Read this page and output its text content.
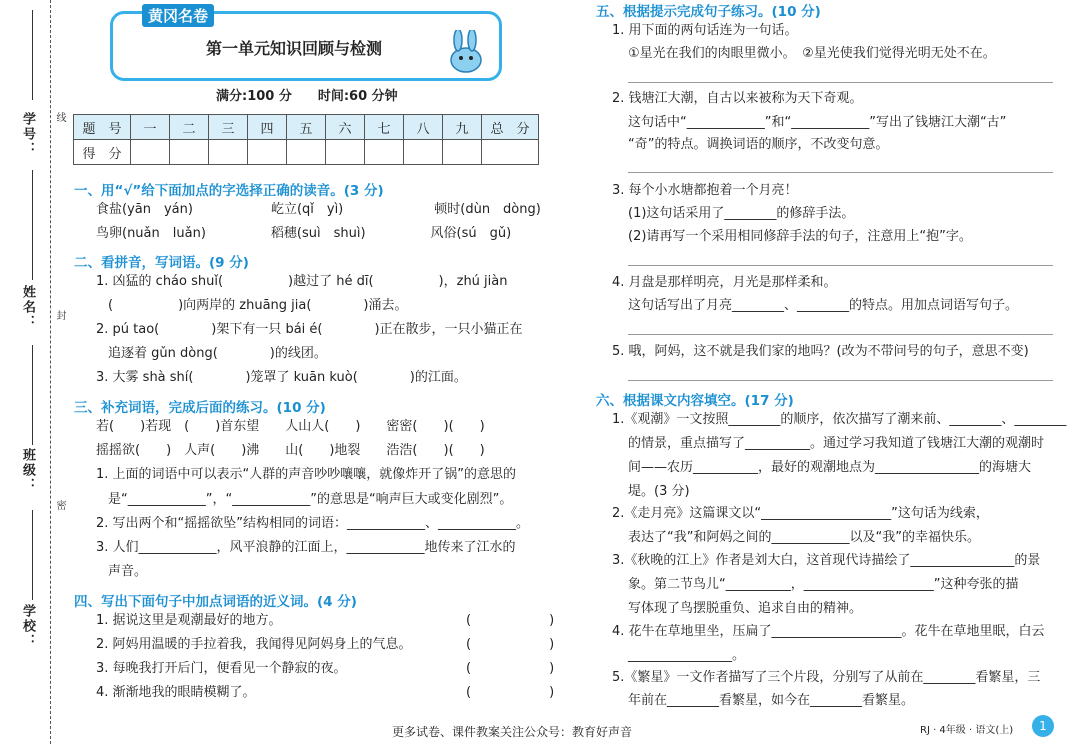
学号：
姓名：
班级：
学校：
线
封
密
黄冈名卷
第一单元知识回顾与检测
满分:100 分　　时间:60 分钟
题　号	一	二	三	四	五	六	七	八	九	总　分
得　分										
一、用“√”给下面加点的字选择正确的读音。(3 分)
食盐(yān　yán)　　　　　　屹立(qǐ　yì)　　　　　　　顿时(dùn　dòng)
鸟卵(nuǎn　luǎn)　　　　　稻穗(suì　shuì)　　　　　风俗(sú　gǔ)
二、看拼音，写词语。(9 分)
1. 凶猛的 cháo shuǐ(　　　　　)越过了 hé dī(　　　　　)，zhú jiàn
(　　　　　)向两岸的 zhuāng jia(　　　　)涌去。
2. pú tao(　　　　)架下有一只 bái é(　　　　)正在散步，一只小猫正在
追逐着 gǔn dòng(　　　　)的线团。
3. 大雾 shà shí(　　　　)笼罩了 kuān kuò(　　　　)的江面。
三、补充词语，完成后面的练习。(10 分)
若(　　)若现　(　　)首东望　　人山人(　　)　　密密(　　)(　　)
摇摇欲(　　)　人声(　　)沸　　山(　　)地裂　　浩浩(　　)(　　)
1. 上面的词语中可以表示“人群的声音吵吵嚷嚷，就像炸开了锅”的意思的
是“____________”，“____________”的意思是“响声巨大或变化剧烈”。
2. 写出两个和“摇摇欲坠”结构相同的词语：____________、____________。
3. 人们____________，风平浪静的江面上，____________地传来了江水的
声音。
四、写出下面句子中加点词语的近义词。(4 分)
1. 据说这里是观潮最好的地方。
2. 阿妈用温暖的手拉着我，我闻得见阿妈身上的气息。
3. 每晚我打开后门，便看见一个静寂的夜。
4. 渐渐地我的眼睛模糊了。
(　　　　　　)
(　　　　　　)
(　　　　　　)
(　　　　　　)
五、根据提示完成句子练习。(10 分)
1. 用下面的两句话连为一句话。
①星光在我们的肉眼里微小。　②星光使我们觉得光明无处不在。
2. 钱塘江大潮，自古以来被称为天下奇观。
这句话中“____________”和“____________”写出了钱塘江大潮“古”
“奇”的特点。调换词语的顺序，不改变句意。
3. 每个小水塘都抱着一个月亮！
(1)这句话采用了________的修辞手法。
(2)请再写一个采用相同修辞手法的句子，注意用上“抱”字。
4. 月盘是那样明亮，月光是那样柔和。
这句话写出了月亮________、________的特点。用加点词语写句子。
5. 哦，阿妈，这不就是我们家的地吗？(改为不带问号的句子，意思不变)
六、根据课文内容填空。(17 分)
1.《观潮》一文按照________的顺序，依次描写了潮来前、________、________
的情景，重点描写了__________。通过学习我知道了钱塘江大潮的观潮时
间——农历__________，最好的观潮地点为________________的海塘大
堤。(3 分)
2.《走月亮》这篇课文以“____________________”这句话为线索，
表达了“我”和阿妈之间的____________以及“我”的幸福快乐。
3.《秋晚的江上》作者是刘大白，这首现代诗描绘了________________的景
象。第二节鸟儿“__________，____________________”这种夸张的描
写体现了鸟摆脱重负、追求自由的精神。
4. 花牛在草地里坐，压扁了____________________。花牛在草地里眠，白云
________________。
5.《繁星》一文作者描写了三个片段，分别写了从前在________看繁星，三
年前在________看繁星，如今在________看繁星。
更多试卷、课件教案关注公众号：教育好声音	RJ · 4年级 · 语文(上)	1
